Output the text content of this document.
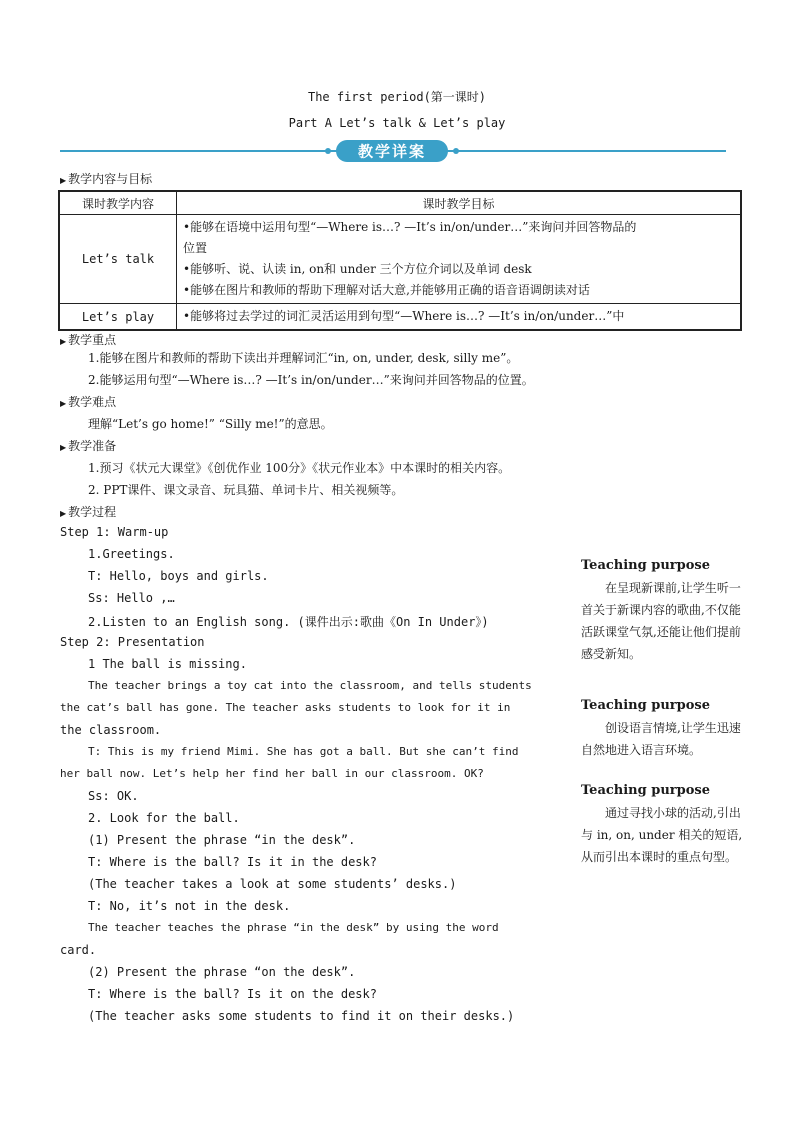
The first period(第一课时)
Part A Let’s talk & Let’s play
教学详案
▶ 教学内容与目标
课时教学内容	课时教学目标
Let’s talk	•能够在语境中运用句型“—Where is…? —It’s in/on/under…”来询问并回答物品的
位置
•能够听、说、认读 in, on和 under 三个方位介词以及单词 desk
•能够在图片和教师的帮助下理解对话大意,并能够用正确的语音语调朗读对话

Let’s play	•能够将过去学过的词汇灵活运用到句型“—Where is…? —It’s in/on/under…”中
▶ 教学重点
1.能够在图片和教师的帮助下读出并理解词汇“in, on, under, desk, silly me”。
2.能够运用句型“—Where is…? —It’s in/on/under…”来询问并回答物品的位置。
▶ 教学难点
理解“Let’s go home!” “Silly me!”的意思。
▶ 教学准备
1.预习《状元大课堂》《创优作业 100分》《状元作业本》中本课时的相关内容。
2. PPT课件、课文录音、玩具猫、单词卡片、相关视频等。
▶ 教学过程
Step 1: Warm-up
1.Greetings.
T: Hello, boys and girls.
Ss: Hello ,…
2.Listen to an English song. (课件出示:歌曲《On In Under》)
Step 2: Presentation
1 The ball is missing.
The teacher brings a toy cat into the classroom, and tells students
the cat’s ball has gone. The teacher asks students to look for it in
the classroom.
T: This is my friend Mimi. She has got a ball. But she can’t find
her ball now. Let’s help her find her ball in our classroom. OK?
Ss: OK.
2. Look for the ball.
(1) Present the phrase “in the desk”.
T: Where is the ball? Is it in the desk?
(The teacher takes a look at some students’ desks.)
T: No, it’s not in the desk.
The teacher teaches the phrase “in the desk” by using the word
card.
(2) Present the phrase “on the desk”.
T: Where is the ball? Is it on the desk?
(The teacher asks some students to find it on their desks.)
Teaching purpose
在呈现新课前,让学生听一首关于新课内容的歌曲,不仅能活跃课堂气氛,还能让他们提前感受新知。
Teaching purpose
创设语言情境,让学生迅速自然地进入语言环境。
Teaching purpose
通过寻找小球的活动,引出与 in, on, under 相关的短语,从而引出本课时的重点句型。
